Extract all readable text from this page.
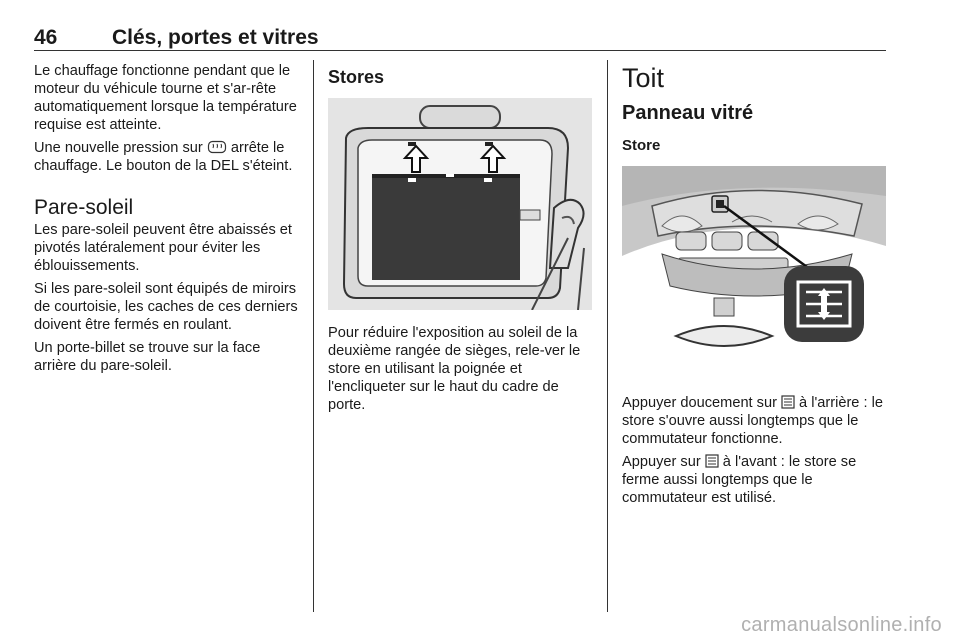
46	Clés, portes et vitres

Le chauffage fonctionne pendant que le moteur du véhicule tourne et s'ar-rête automatiquement lorsque la température requise est atteinte.

Une nouvelle pression sur  arrête le chauffage. Le bouton de la DEL s'éteint.

Pare-soleil

Les pare-soleil peuvent être abaissés et pivotés latéralement pour éviter les éblouissements.

Si les pare-soleil sont équipés de miroirs de courtoisie, les caches de ces derniers doivent être fermés en roulant.

Un porte-billet se trouve sur la face arrière du pare-soleil.

Stores

Pour réduire l'exposition au soleil de la deuxième rangée de sièges, rele-ver le store en utilisant la poignée et l'encliqueter sur le haut du cadre de porte.

Toit
Panneau vitré
Store

Appuyer doucement sur  à l'arrière : le store s'ouvre aussi longtemps que le commutateur fonctionne.

Appuyer sur  à l'avant : le store se ferme aussi longtemps que le commutateur est utilisé.

carmanualsonline.info
